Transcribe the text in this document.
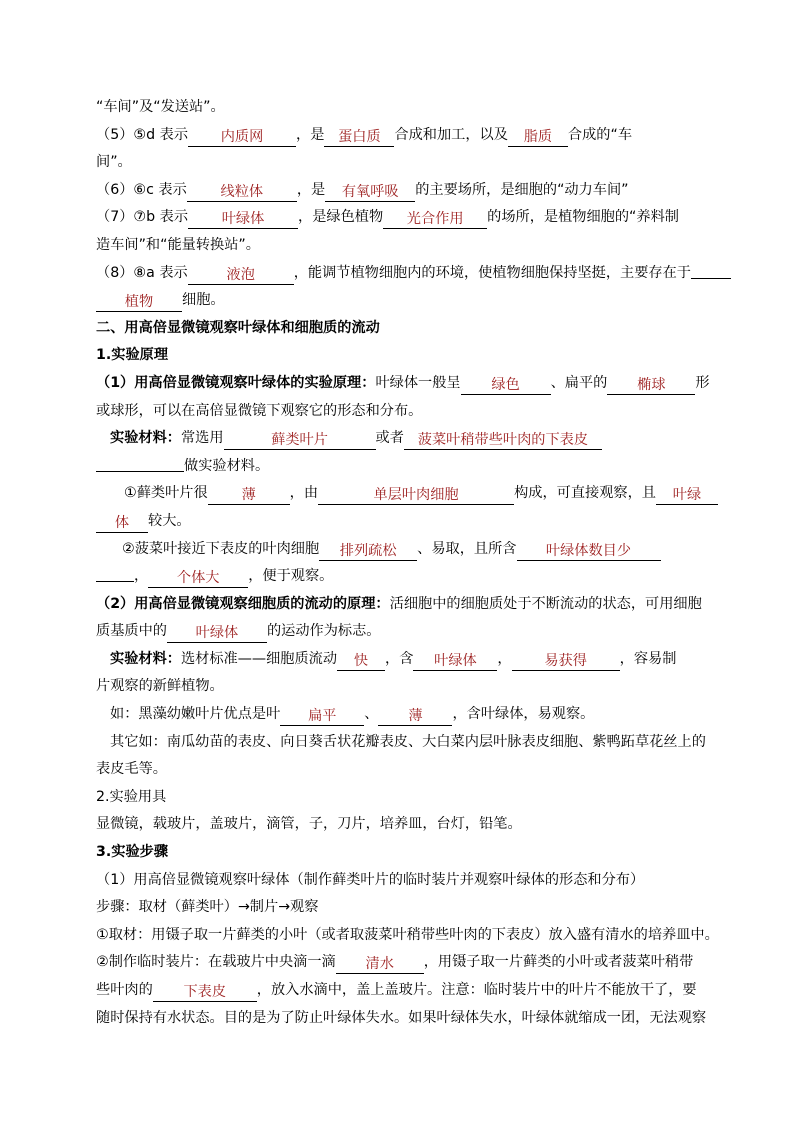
“车间”及“发送站”。
（5）⑤d 表示 内质网 ，是 蛋白质 合成和加工，以及 脂质 合成的“车
间”。
（6）⑥c 表示 线粒体 ，是 有氧呼吸 的主要场所，是细胞的“动力车间”
（7）⑦b 表示 叶绿体 ，是绿色植物 光合作用 的场所，是植物细胞的“养料制
造车间”和“能量转换站”。
（8）⑧a 表示	液泡	，能调节植物细胞内的环境，使植物细胞保持坚挺，主要存在于
植物 细胞。
二、用高倍显微镜观察叶绿体和细胞质的流动
1.实验原理
（1）用高倍显微镜观察叶绿体的实验原理：叶绿体一般呈 绿色 、扁平的 椭球 形
或球形，可以在高倍显微镜下观察它的形态和分布。
实验材料：常选用	藓类叶片	或者 菠菜叶稍带些叶肉的下表皮
做实验材料。
①藓类叶片很 薄 ，由	单层叶肉细胞	构成，可直接观察，且 叶绿
体 较大。
②菠菜叶接近下表皮的叶肉细胞 排列疏松 、易取，且所含 叶绿体数目少
， 个体大 ，便于观察。
（2）用高倍显微镜观察细胞质的流动的原理：活细胞中的细胞质处于不断流动的状态，可用细胞
质基质中的 叶绿体 的运动作为标志。
实验材料：选材标准——细胞质流动 快 ，含 叶绿体 ， 易获得 ，容易制
片观察的新鲜植物。
如：黑藻幼嫩叶片优点是叶 扁平 、 薄 ，含叶绿体，易观察。
其它如：南瓜幼苗的表皮、向日葵舌状花瓣表皮、大白菜内层叶脉表皮细胞、紫鸭跖草花丝上的
表皮毛等。
2.实验用具
显微镜，载玻片，盖玻片，滴管，子，刀片，培养皿，台灯，铅笔。
3.实验步骤
（1）用高倍显微镜观察叶绿体（制作藓类叶片的临时装片并观察叶绿体的形态和分布）
步骤：取材（藓类叶）→制片→观察
①取材：用镊子取一片藓类的小叶（或者取菠菜叶稍带些叶肉的下表皮）放入盛有清水的培养皿中。
②制作临时装片：在载玻片中央滴一滴 清水 ，用镊子取一片藓类的小叶或者菠菜叶稍带
些叶肉的 下表皮 ，放入水滴中，盖上盖玻片。注意：临时装片中的叶片不能放干了，要
随时保持有水状态。目的是为了防止叶绿体失水。如果叶绿体失水，叶绿体就缩成一团，无法观察
